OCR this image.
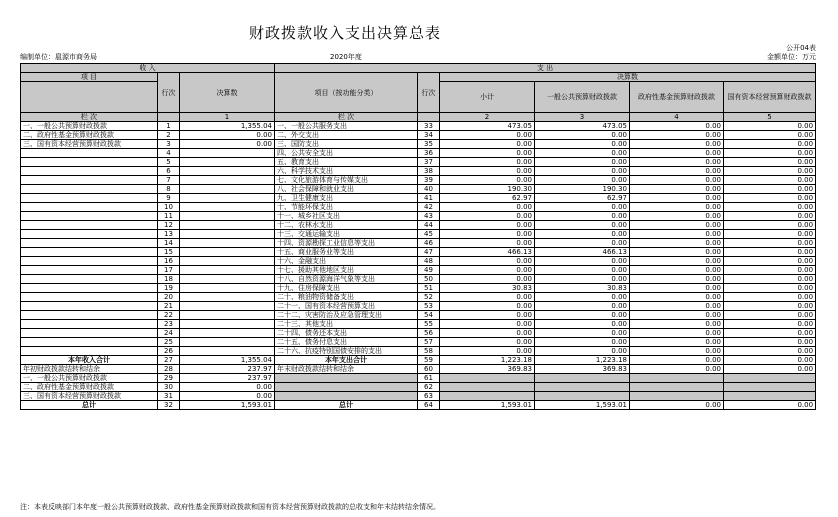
财政拨款收入支出决算总表
公开04表
编制单位：扈源市商务局	2020年度	金额单位：万元
收 入			支 出					
项 目	行次	决算数	项目（按功能分类）	行次	决算数			
					小计	一般公共预算财政拨款	政府性基金预算财政拨款	国有资本经营预算财政拨款
栏 次		1	栏 次		2	3	4	5
一、一般公共预算财政拨款	1	1,355.04	一、一般公共服务支出	33	473.05	473.05	0.00	0.00
二、政府性基金预算财政拨款	2	0.00	二、外交支出	34	0.00	0.00	0.00	0.00
三、国有资本经营预算财政拨款	3	0.00	三、国防支出	35	0.00	0.00	0.00	0.00
	4		四、公共安全支出	36	0.00	0.00	0.00	0.00
	5		五、教育支出	37	0.00	0.00	0.00	0.00
	6		六、科学技术支出	38	0.00	0.00	0.00	0.00
	7		七、文化旅游体育与传媒支出	39	0.00	0.00	0.00	0.00
	8		八、社会保障和就业支出	40	190.30	190.30	0.00	0.00
	9		九、卫生健康支出	41	62.97	62.97	0.00	0.00
	10		十、节能环保支出	42	0.00	0.00	0.00	0.00
	11		十一、城乡社区支出	43	0.00	0.00	0.00	0.00
	12		十二、农林水支出	44	0.00	0.00	0.00	0.00
	13		十三、交通运输支出	45	0.00	0.00	0.00	0.00
	14		十四、资源勘探工业信息等支出	46	0.00	0.00	0.00	0.00
	15		十五、商业服务业等支出	47	466.13	466.13	0.00	0.00
	16		十六、金融支出	48	0.00	0.00	0.00	0.00
	17		十七、援助其他地区支出	49	0.00	0.00	0.00	0.00
	18		十八、自然资源海洋气象等支出	50	0.00	0.00	0.00	0.00
	19		十九、住房保障支出	51	30.83	30.83	0.00	0.00
	20		二十、粮油物资储备支出	52	0.00	0.00	0.00	0.00
	21		二十一、国有资本经营预算支出	53	0.00	0.00	0.00	0.00
	22		二十二、灾害防治及应急管理支出	54	0.00	0.00	0.00	0.00
	23		二十三、其他支出	55	0.00	0.00	0.00	0.00
	24		二十四、债务还本支出	56	0.00	0.00	0.00	0.00
	25		二十五、债务付息支出	57	0.00	0.00	0.00	0.00
	26		二十六、抗疫特别国债安排的支出	58	0.00	0.00	0.00	0.00
本年收入合计	27	1,355.04	本年支出合计	59	1,223.18	1,223.18	0.00	0.00
年初财政拨款结转和结余	28	237.97	年末财政拨款结转和结余	60	369.83	369.83	0.00	0.00
一、一般公共预算财政拨款	29	237.97		61				
二、政府性基金预算财政拨款	30	0.00		62				
三、国有资本经营预算财政拨款	31	0.00		63				
总计	32	1,593.01	总计	64	1,593.01	1,593.01	0.00	0.00
注：本表反映部门本年度一般公共预算财政拨款、政府性基金预算财政拨款和国有资本经营预算财政拨款的总收支和年末结转结余情况。
